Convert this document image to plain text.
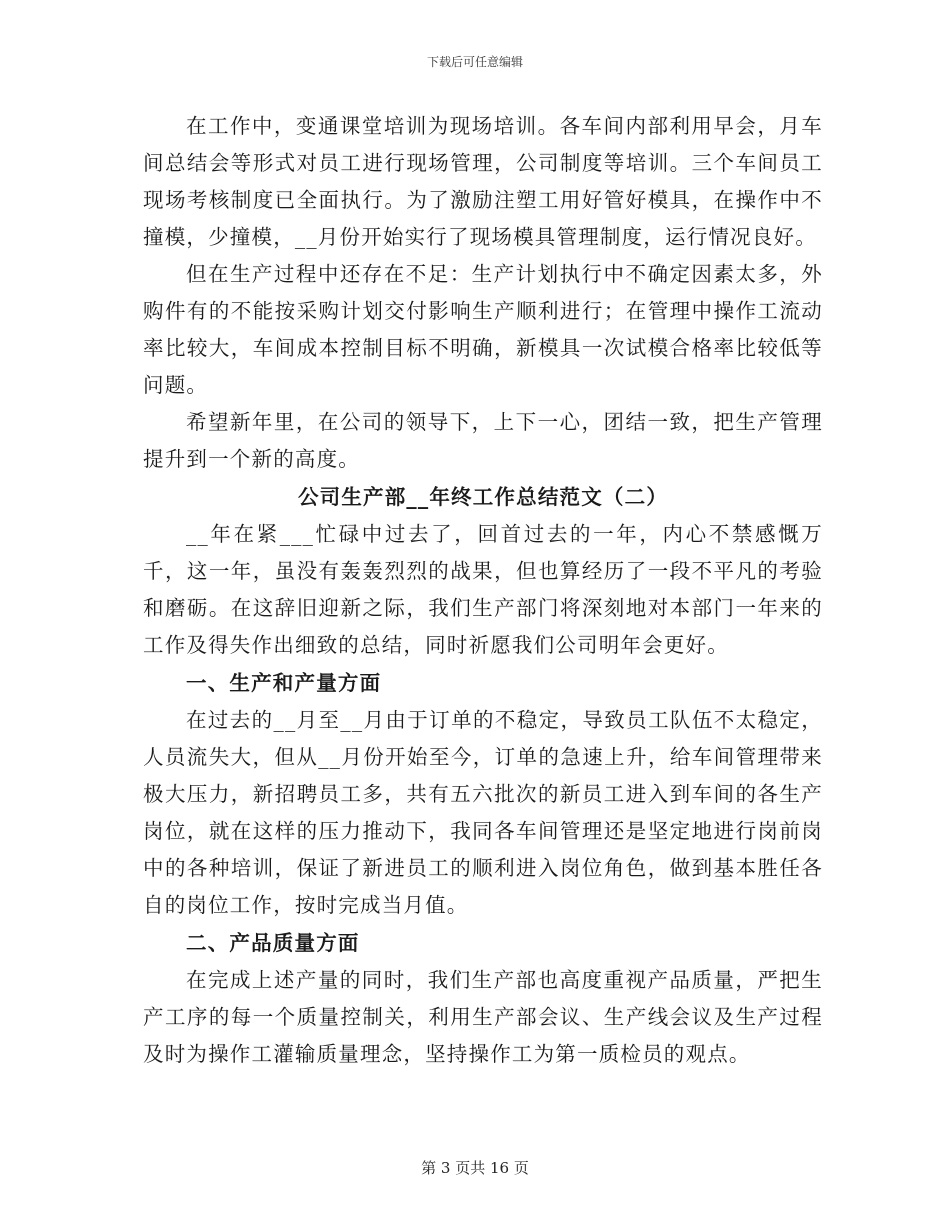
下载后可任意编辑

在工作中，变通课堂培训为现场培训。各车间内部利用早会，月车间总结会等形式对员工进行现场管理，公司制度等培训。三个车间员工现场考核制度已全面执行。为了激励注塑工用好管好模具，在操作中不撞模，少撞模，__月份开始实行了现场模具管理制度，运行情况良好。

但在生产过程中还存在不足：生产计划执行中不确定因素太多，外购件有的不能按采购计划交付影响生产顺利进行；在管理中操作工流动率比较大，车间成本控制目标不明确，新模具一次试模合格率比较低等问题。

希望新年里，在公司的领导下，上下一心，团结一致，把生产管理提升到一个新的高度。

公司生产部__年终工作总结范文（二）

__年在紧___忙碌中过去了，回首过去的一年，内心不禁感慨万千，这一年，虽没有轰轰烈烈的战果，但也算经历了一段不平凡的考验和磨砺。在这辞旧迎新之际，我们生产部门将深刻地对本部门一年来的工作及得失作出细致的总结，同时祈愿我们公司明年会更好。

一、生产和产量方面

在过去的__月至__月由于订单的不稳定，导致员工队伍不太稳定，人员流失大，但从__月份开始至今，订单的急速上升，给车间管理带来极大压力，新招聘员工多，共有五六批次的新员工进入到车间的各生产岗位，就在这样的压力推动下，我同各车间管理还是坚定地进行岗前岗中的各种培训，保证了新进员工的顺利进入岗位角色，做到基本胜任各自的岗位工作，按时完成当月值。

二、产品质量方面

在完成上述产量的同时，我们生产部也高度重视产品质量，严把生产工序的每一个质量控制关，利用生产部会议、生产线会议及生产过程及时为操作工灌输质量理念，坚持操作工为第一质检员的观点。

第 3 页共 16 页
